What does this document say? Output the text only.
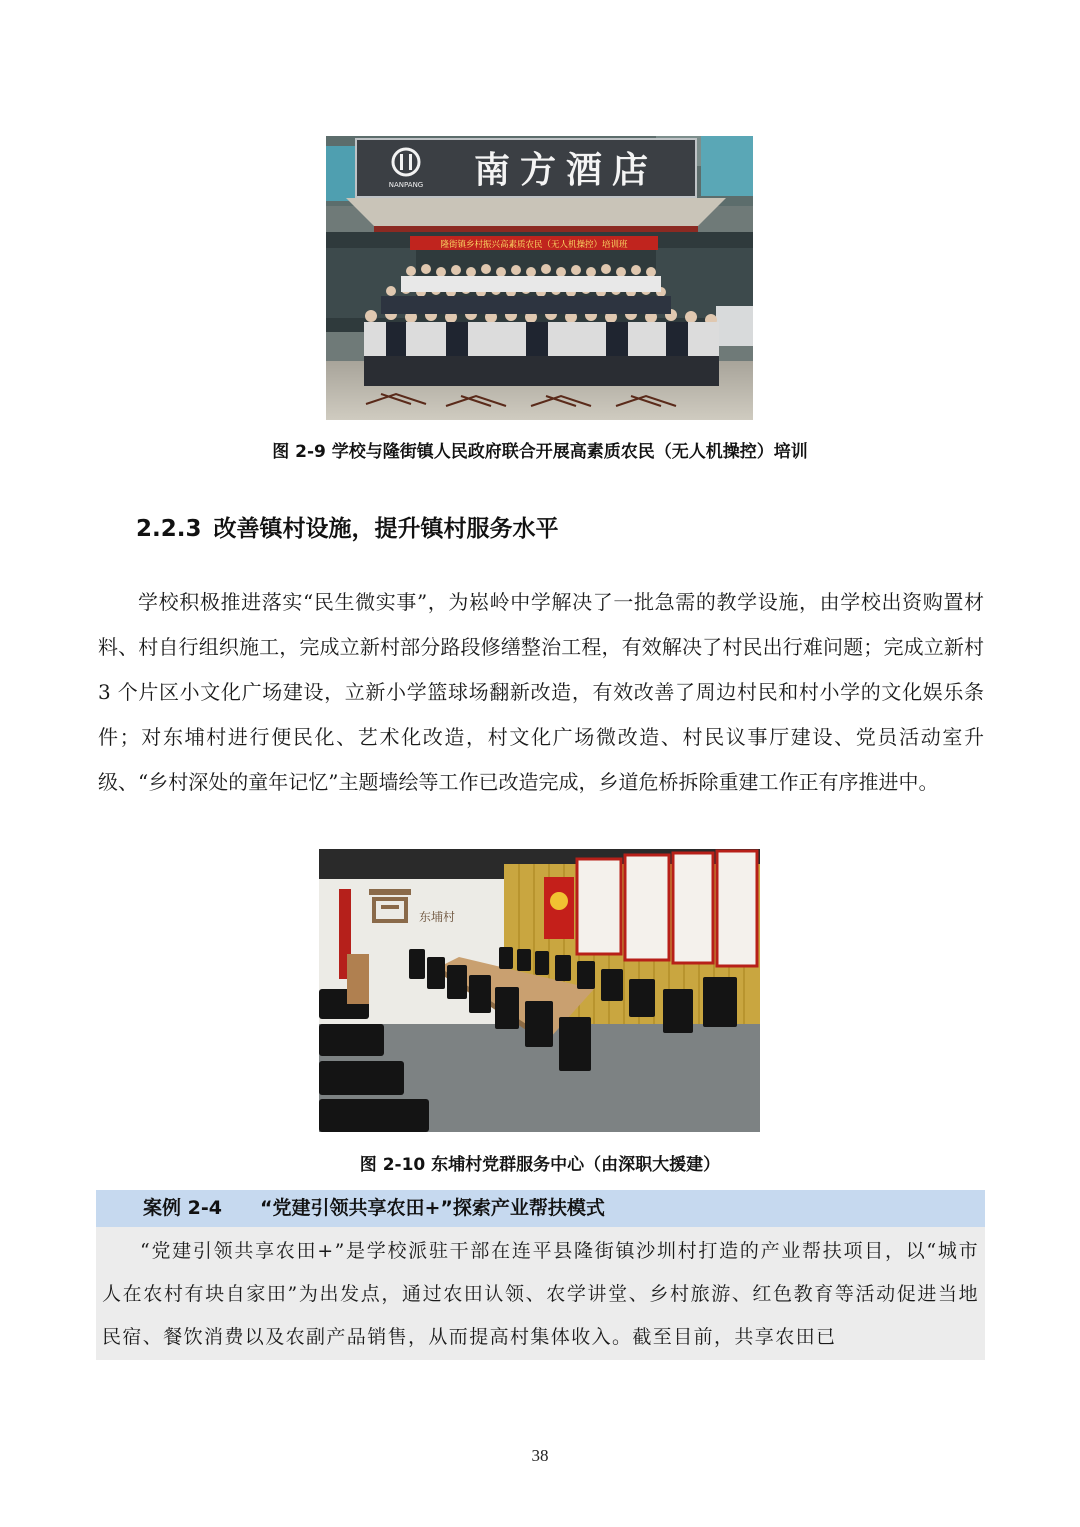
NANPANG 南方酒店
隆街镇乡村振兴高素质农民（无人机操控）培训班
图 2-9 学校与隆街镇人民政府联合开展高素质农民（无人机操控）培训
2.2.3 改善镇村设施，提升镇村服务水平

学校积极推进落实“民生微实事”，为崧岭中学解决了一批急需的教学设施，由学校出资购置材料、村自行组织施工，完成立新村部分路段修缮整治工程，有效解决了村民出行难问题；完成立新村 3 个片区小文化广场建设，立新小学篮球场翻新改造，有效改善了周边村民和村小学的文化娱乐条件；对东埔村进行便民化、艺术化改造，村文化广场微改造、村民议事厅建设、党员活动室升级、“乡村深处的童年记忆”主题墙绘等工作已改造完成，乡道危桥拆除重建工作正有序推进中。

东埔村
图 2-10 东埔村党群服务中心（由深职大援建）
案例 2-4 “党建引领共享农田+”探索产业帮扶模式
“党建引领共享农田+”是学校派驻干部在连平县隆街镇沙圳村打造的产业帮扶项目，以“城市人在农村有块自家田”为出发点，通过农田认领、农学讲堂、乡村旅游、红色教育等活动促进当地民宿、餐饮消费以及农副产品销售，从而提高村集体收入。截至目前，共享农田已
38
